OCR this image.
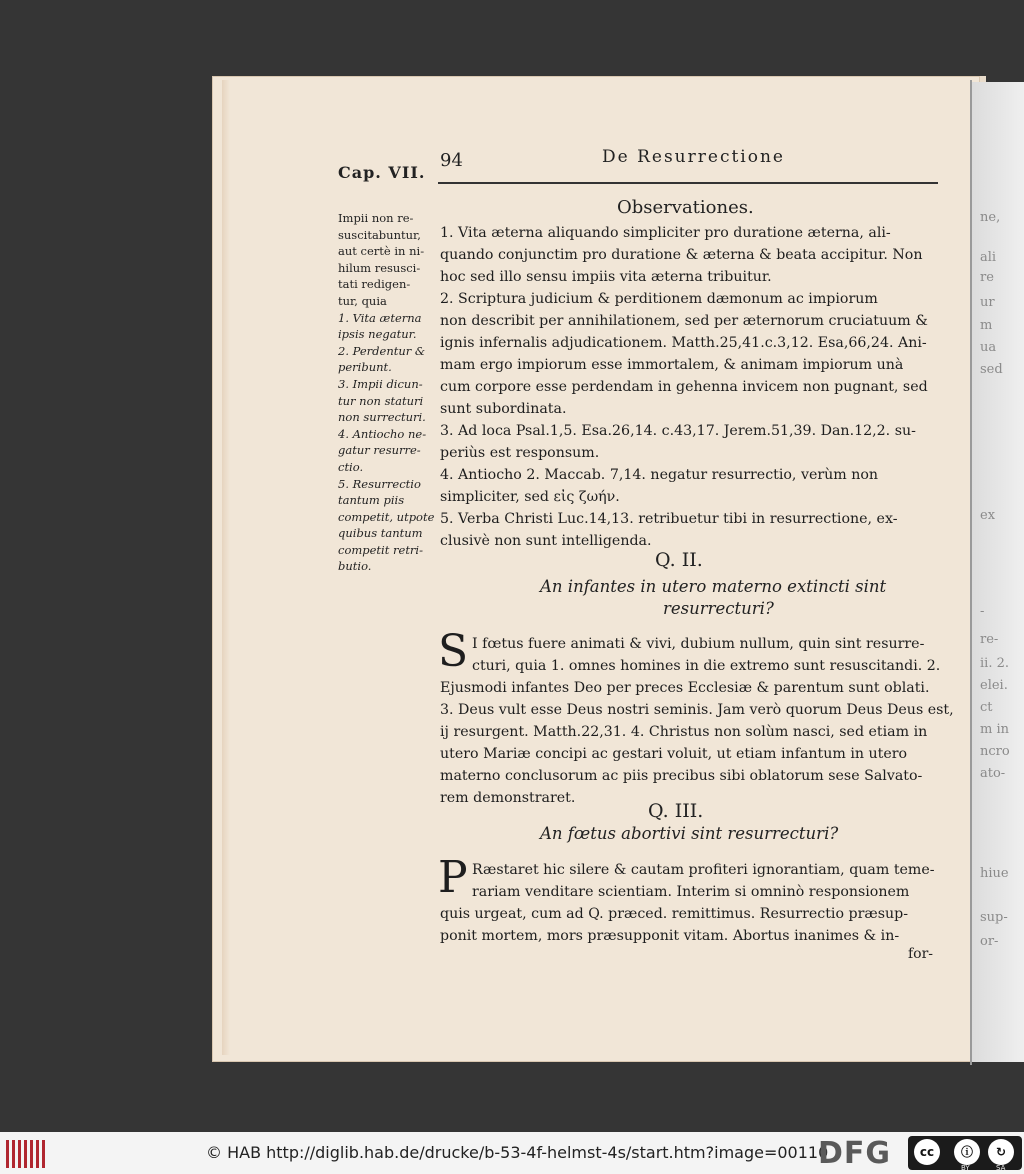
ne,
ali
re
ur
m
ua
sed
ex
-
re-
ii. 2.
elei.
ct
m in
ncro
ato-
hiue
sup-
or-
Cap. VII.
94	De Resurrectione
Impii non re-
suscitabuntur,
aut certè in ni-
hilum resusci-
tati redigen-
tur, quia
1. Vita æterna
ipsis negatur.
2. Perdentur &
peribunt.
3. Impii dicun-
tur non staturi
non surrecturi.
4. Antiocho ne-
gatur resurre-
ctio.
5. Resurrectio
tantum piis
competit, utpote
quibus tantum
competit retri-
butio.
Observationes.
1. Vita æterna aliquando simpliciter pro duratione æterna, ali-
quando conjunctim pro duratione & æterna & beata accipitur. Non
hoc sed illo sensu impiis vita æterna tribuitur.
2. Scriptura judicium & perditionem dæmonum ac impiorum
non describit per annihilationem, sed per æternorum cruciatuum &
ignis infernalis adjudicationem. Matth.25,41.c.3,12. Esa,66,24. Ani-
mam ergo impiorum esse immortalem, & animam impiorum unà
cum corpore esse perdendam in gehenna invicem non pugnant, sed
sunt subordinata.
3. Ad loca Psal.1,5. Esa.26,14. c.43,17. Jerem.51,39. Dan.12,2. su-
periùs est responsum.
4. Antiocho 2. Maccab. 7,14. negatur resurrectio, verùm non
simpliciter, sed εἰς ζωήν.
5. Verba Christi Luc.14,13. retribuetur tibi in resurrectione, ex-
clusivè non sunt intelligenda.
Q. II.
An infantes in utero materno extincti sint
resurrecturi?
S I fœtus fuere animati & vivi, dubium nullum, quin sint resurre-
cturi, quia 1. omnes homines in die extremo sunt resuscitandi. 2.
Ejusmodi infantes Deo per preces Ecclesiæ & parentum sunt oblati.
3. Deus vult esse Deus nostri seminis. Jam verò quorum Deus Deus est,
ij resurgent. Matth.22,31. 4. Christus non solùm nasci, sed etiam in
utero Mariæ concipi ac gestari voluit, ut etiam infantum in utero
materno conclusorum ac piis precibus sibi oblatorum sese Salvato-
rem demonstraret.
Q. III.
An fœtus abortivi sint resurrecturi?
P Ræstaret hic silere & cautam profiteri ignorantiam, quam teme-
rariam venditare scientiam. Interim si omninò responsionem
quis urgeat, cum ad Q. præced. remittimus. Resurrectio præsup-
ponit mortem, mors præsupponit vitam. Abortus inanimes & in-
for-
© HAB http://diglib.hab.de/drucke/b-53-4f-helmst-4s/start.htm?image=00110
DFG	cc	ⓘ	↻
BY	SA
